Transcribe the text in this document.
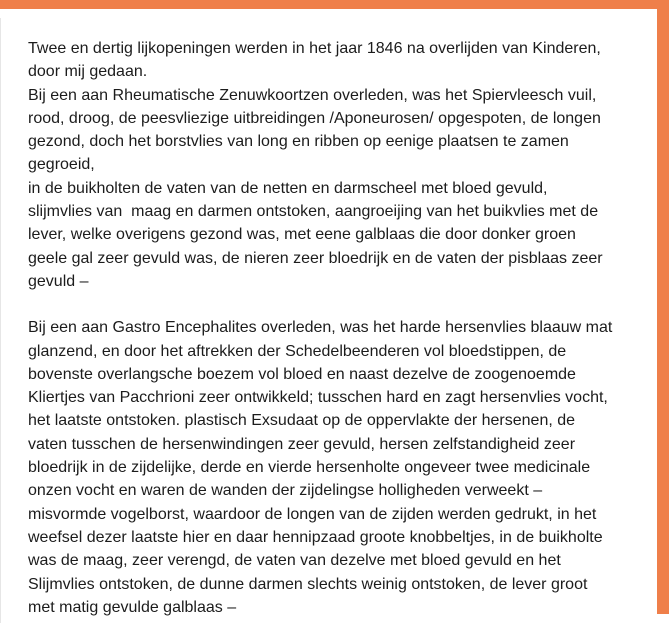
Twee en dertig lijkopeningen werden in het jaar 1846 na overlijden van Kinderen,
door mij gedaan.
Bij een aan Rheumatische Zenuwkoortzen overleden, was het Spiervleesch vuil,
rood, droog, de peesvliezige uitbreidingen /Aponeurosen/ opgespoten, de longen
gezond, doch het borstvlies van long en ribben op eenige plaatsen te zamen
gegroeid,
in de buikholten de vaten van de netten en darmscheel met bloed gevuld,
slijmvlies van  maag en darmen ontstoken, aangroeijing van het buikvlies met de
lever, welke overigens gezond was, met eene galblaas die door donker groen
geele gal zeer gevuld was, de nieren zeer bloedrijk en de vaten der pisblaas zeer
gevuld –
Bij een aan Gastro Encephalites overleden, was het harde hersenvlies blaauw mat
glanzend, en door het aftrekken der Schedelbeenderen vol bloedstippen, de
bovenste overlangsche boezem vol bloed en naast dezelve de zoogenoemde
Kliertjes van Pacchrioni zeer ontwikkeld; tusschen hard en zagt hersenvlies vocht,
het laatste ontstoken. plastisch Exsudaat op de oppervlakte der hersenen, de
vaten tusschen de hersenwindingen zeer gevuld, hersen zelfstandigheid zeer
bloedrijk in de zijdelijke, derde en vierde hersenholte ongeveer twee medicinale
onzen vocht en waren de wanden der zijdelingse holligheden verweekt –
misvormde vogelborst, waardoor de longen van de zijden werden gedrukt, in het
weefsel dezer laatste hier en daar hennipzaad groote knobbeltjes, in de buikholte
was de maag, zeer verengd, de vaten van dezelve met bloed gevuld en het
Slijmvlies ontstoken, de dunne darmen slechts weinig ontstoken, de lever groot
met matig gevulde galblaas –
